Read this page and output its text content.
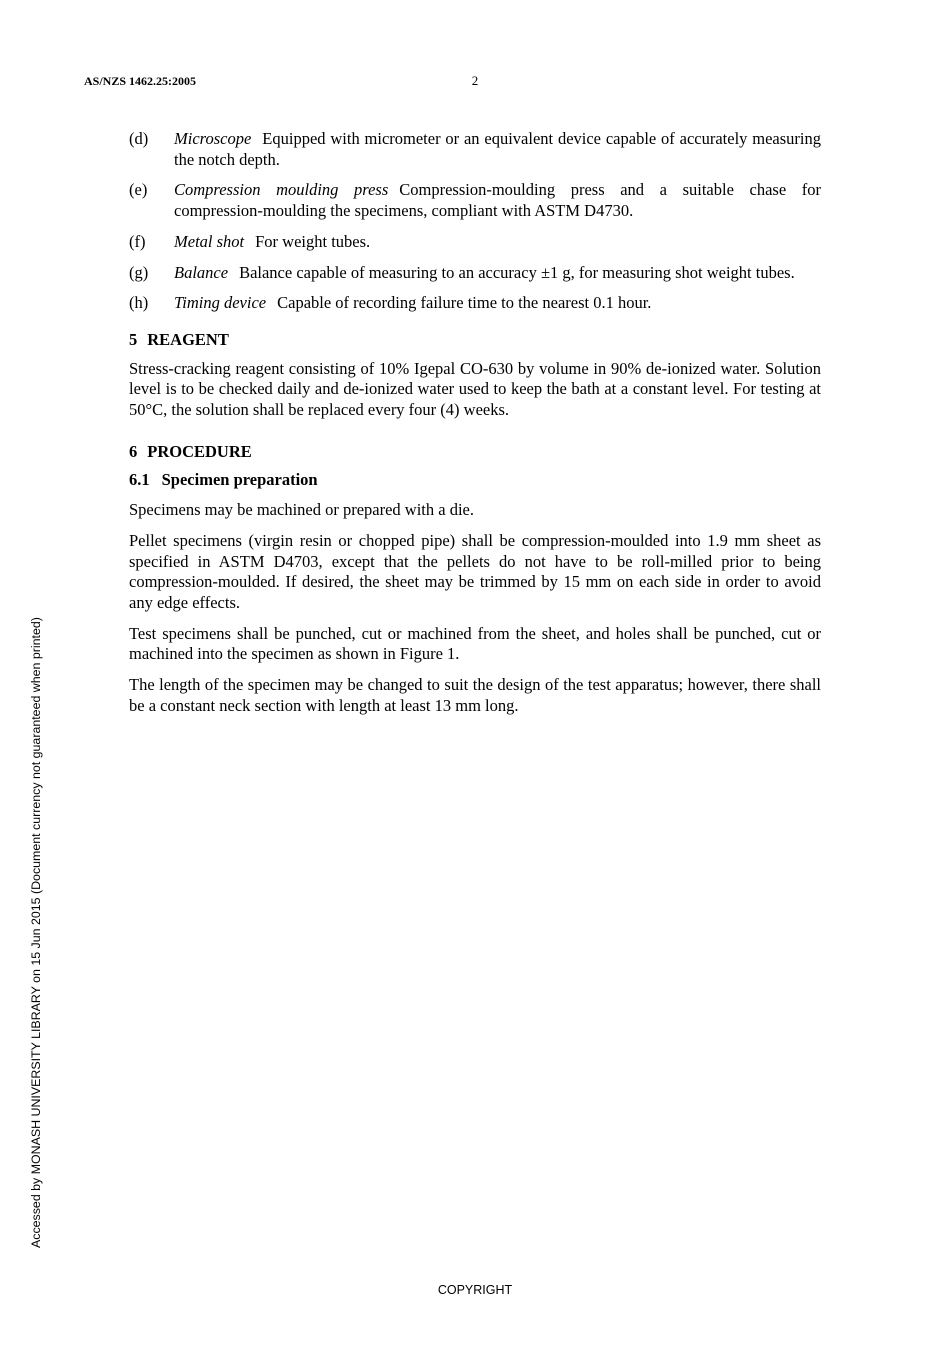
AS/NZS 1462.25:2005	2
(d)	Microscope Equipped with micrometer or an equivalent device capable of accurately measuring the notch depth.
(e)	Compression moulding press Compression-moulding press and a suitable chase for compression-moulding the specimens, compliant with ASTM D4730.
(f)	Metal shot For weight tubes.
(g)	Balance Balance capable of measuring to an accuracy ±1 g, for measuring shot weight tubes.
(h)	Timing device Capable of recording failure time to the nearest 0.1 hour.
5 REAGENT

Stress-cracking reagent consisting of 10% Igepal CO-630 by volume in 90% de-ionized water. Solution level is to be checked daily and de-ionized water used to keep the bath at a constant level. For testing at 50°C, the solution shall be replaced every four (4) weeks.

6 PROCEDURE
6.1 Specimen preparation

Specimens may be machined or prepared with a die.

Pellet specimens (virgin resin or chopped pipe) shall be compression-moulded into 1.9 mm sheet as specified in ASTM D4703, except that the pellets do not have to be roll-milled prior to being compression-moulded. If desired, the sheet may be trimmed by 15 mm on each side in order to avoid any edge effects.

Test specimens shall be punched, cut or machined from the sheet, and holes shall be punched, cut or machined into the specimen as shown in Figure 1.

The length of the specimen may be changed to suit the design of the test apparatus; however, there shall be a constant neck section with length at least 13 mm long.

Accessed by MONASH UNIVERSITY LIBRARY on 15 Jun 2015 (Document currency not guaranteed when printed)
COPYRIGHT
